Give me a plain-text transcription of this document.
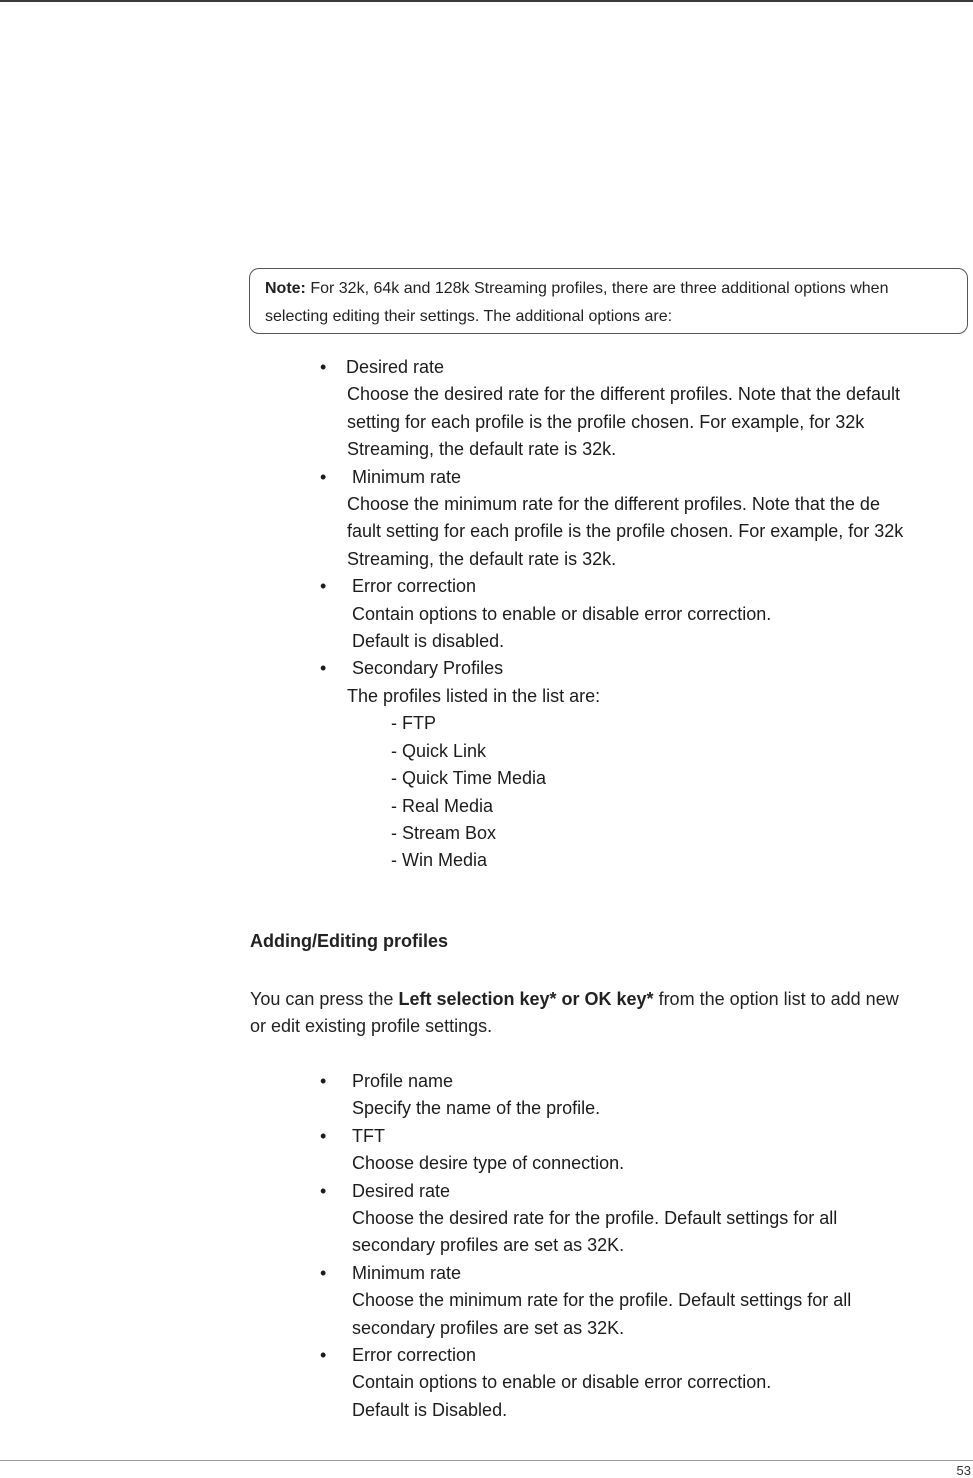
Note: For 32k, 64k and 128k Streaming profiles, there are three additional options when
selecting editing their settings. The additional options are:
•	Desired rate
Choose the desired rate for the different profiles. Note that the default
setting for each profile is the profile chosen. For example, for 32k
Streaming, the default rate is 32k.
•	Minimum rate
Choose the minimum rate for the different profiles. Note that the de
fault setting for each profile is the profile chosen. For example, for 32k
Streaming, the default rate is 32k.
•	Error correction
Contain options to enable or disable error correction.
Default is disabled.
•	Secondary Profiles
The profiles listed in the list are:
- FTP
- Quick Link
- Quick Time Media
- Real Media
- Stream Box
- Win Media
Adding/Editing profiles
You can press the Left selection key* or OK key* from the option list to add new
or edit existing profile settings.
•	Profile name
Specify the name of the profile.
•	TFT
Choose desire type of connection.
•	Desired rate
Choose the desired rate for the profile. Default settings for all
secondary profiles are set as 32K.
•	Minimum rate
Choose the minimum rate for the profile. Default settings for all
secondary profiles are set as 32K.
•	Error correction
Contain options to enable or disable error correction.
Default is Disabled.
53
